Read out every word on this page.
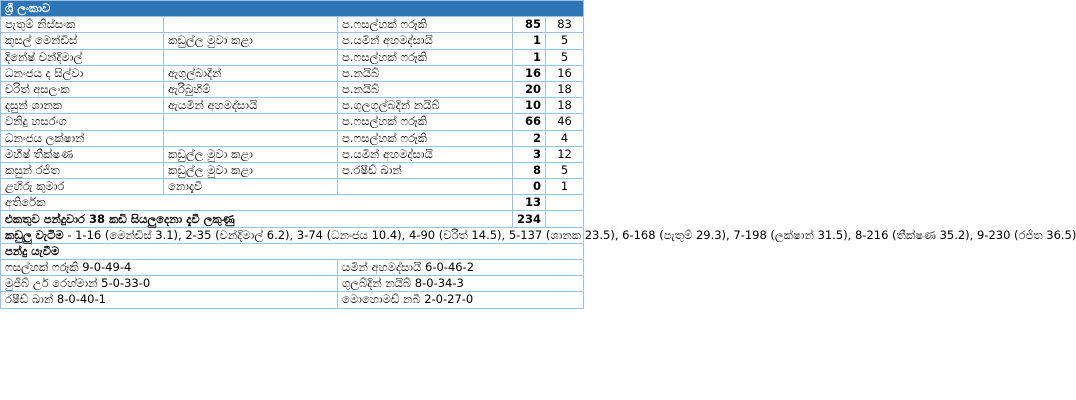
ශ්‍රී ලංකාව				
පැතුම් නිස්සංක		ප.ෆසල්හක් ෆරූකි	85	83
කුසල් මෙන්ඩිස්	කඩුල්ල මුවා කළා	ප.යමින් අහමද්සායි	1	5
දිනේෂ් චන්දිමාල්		ප.ෆසල්හක් ෆරූකි	1	5
ධනංජය ද සිල්වා	ඇගුල්බාදීන්	ප.නයිබ්	16	16
චරිත් අසලංක	ඇරිබුහිම්	ප.නයිබ්	20	18
දසුන් ශානක	ඇයමින් අහමද්සායි	ප.ගුලගුල්බදින් නයිබ්	10	18
වනිදු හසරංග		ප.ෆසල්හක් ෆරූකි	66	46
ධනංජය ලක්ෂාන්		ප.ෆසල්හක් ෆරූකි	2	4
මහීෂ් තීක්ෂණ	කඩුල්ල මුවා කළා	ප.යමින් අහමද්සායි	3	12
කසුන් රජිත	කඩුල්ල මුවා කළා	ප.රෂීඩ් ඛාන්	8	5
ළහිරු කුමාර	නොදැවී		0	1
අතිරේක			13	
එකතුව පන්දුවාර 38 කඩි සියලුදෙනා දැවී ලකුණු			234	
කඩුලු වැටීම - 1-16 (මෙන්ඩිස් 3.1), 2-35 (චන්දිමාල් 6.2), 3-74 (ධනංජය 10.4), 4-90 (චරිත් 14.5), 5-137 (ශානක 23.5), 6-168 (පැතුම් 29.3), 7-198 (ලක්ෂාන් 31.5), 8-216 (තීක්ෂණ 35.2), 9-230 (රජිත 36.5)				
පන්දු යැවීම				
ෆසල්හක් ෆරූකි 9-0-49-4		යමින් අහමද්සායි 6-0-46-2		
මුජීබ් උර් රෙහ්මාන් 5-0-33-0		ගුලබ්දින් නයිබ් 8-0-34-3		
රෂීඩ් ඛාන් 8-0-40-1		මොහොමඩ් නබී 2-0-27-0		
